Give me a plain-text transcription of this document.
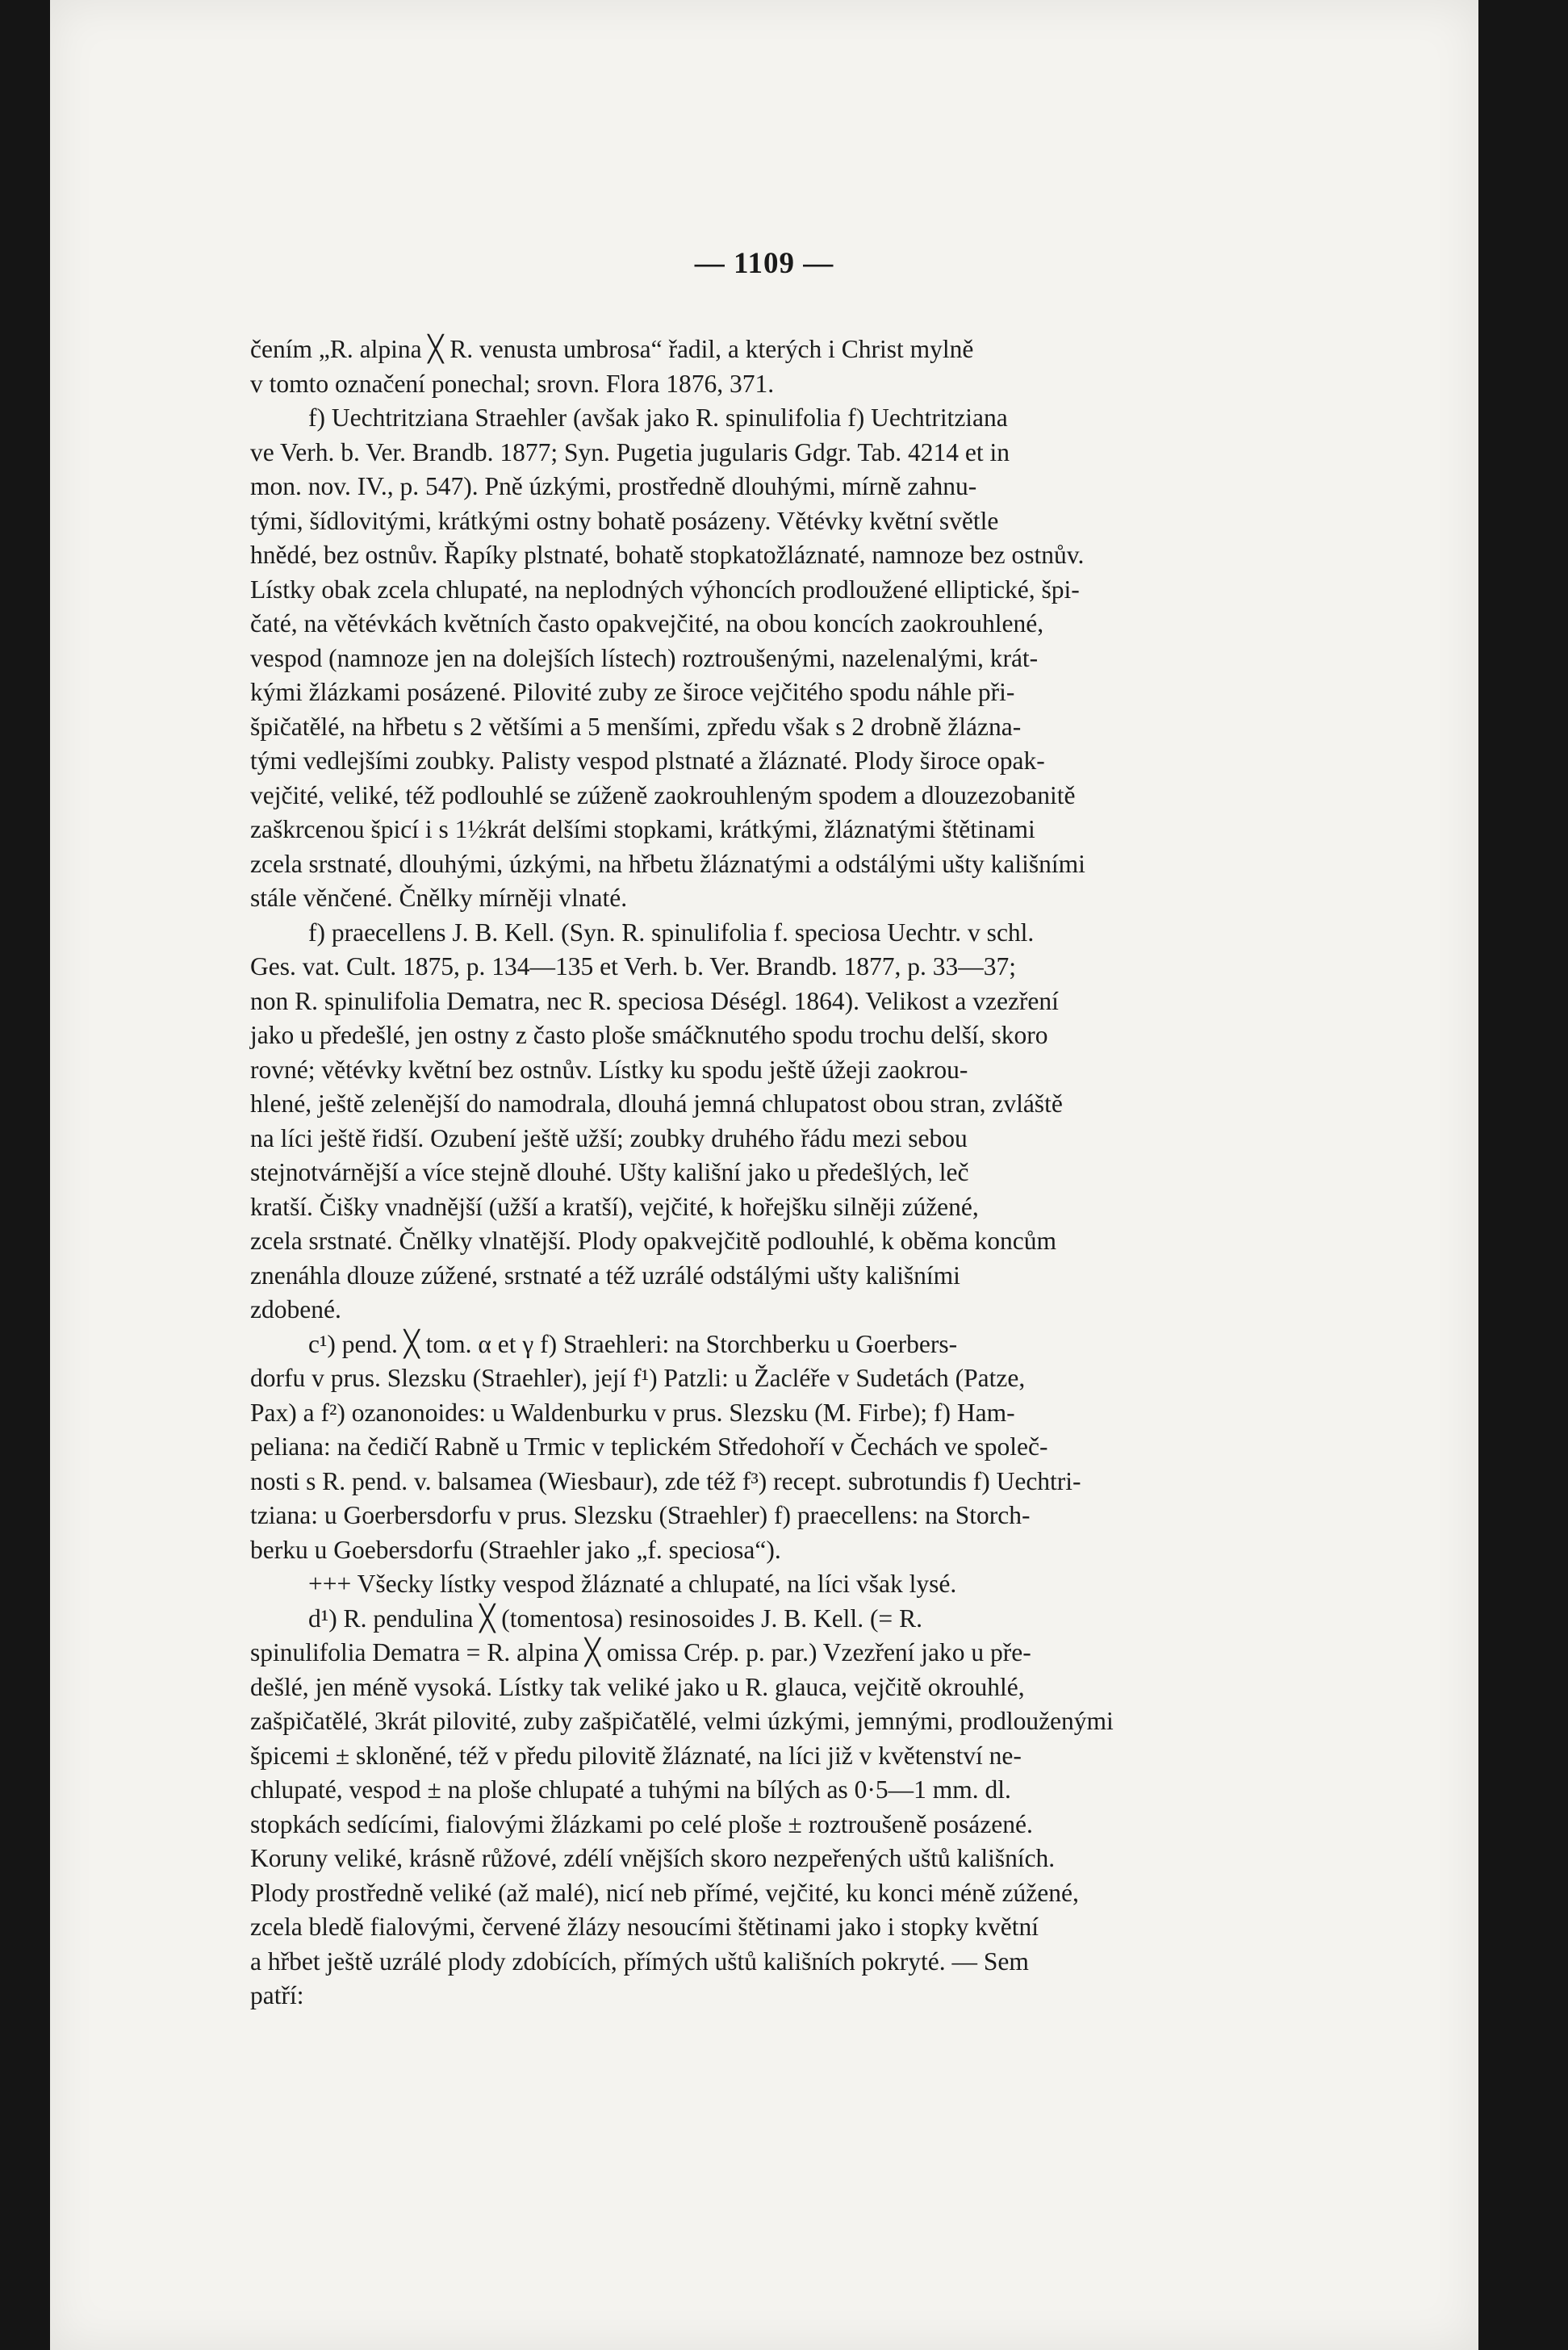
— 1109 —
čením „R. alpina ╳ R. venusta umbrosa“ řadil, a kterých i Christ mylně
v tomto označení ponechal; srovn. Flora 1876, 371.
f) Uechtritziana Straehler (avšak jako R. spinulifolia f) Uechtritziana
ve Verh. b. Ver. Brandb. 1877; Syn. Pugetia jugularis Gdgr. Tab. 4214 et in
mon. nov. IV., p. 547). Pně úzkými, prostředně dlouhými, mírně zahnu-
tými, šídlovitými, krátkými ostny bohatě posázeny. Větévky květní světle
hnědé, bez ostnův. Řapíky plstnaté, bohatě stopkatožláznaté, namnoze bez ostnův.
Lístky obak zcela chlupaté, na neplodných výhoncích prodloužené elliptické, špi-
čaté, na větévkách květních často opakvejčité, na obou koncích zaokrouhlené,
vespod (namnoze jen na dolejších lístech) roztroušenými, nazelenalými, krát-
kými žlázkami posázené. Pilovité zuby ze široce vejčitého spodu náhle při-
špičatělé, na hřbetu s 2 většími a 5 menšími, zpředu však s 2 drobně žlázna-
tými vedlejšími zoubky. Palisty vespod plstnaté a žláznaté. Plody široce opak-
vejčité, veliké, též podlouhlé se zúženě zaokrouhleným spodem a dlouzezobanitě
zaškrcenou špicí i s 1½krát delšími stopkami, krátkými, žláznatými štětinami
zcela srstnaté, dlouhými, úzkými, na hřbetu žláznatými a odstálými ušty kališními
stále věnčené. Čnělky mírněji vlnaté.
f) praecellens J. B. Kell. (Syn. R. spinulifolia f. speciosa Uechtr. v schl.
Ges. vat. Cult. 1875, p. 134—135 et Verh. b. Ver. Brandb. 1877, p. 33—37;
non R. spinulifolia Dematra, nec R. speciosa Déségl. 1864). Velikost a vzezření
jako u předešlé, jen ostny z často ploše smáčknutého spodu trochu delší, skoro
rovné; větévky květní bez ostnův. Lístky ku spodu ještě úžeji zaokrou-
hlené, ještě zelenější do namodrala, dlouhá jemná chlupatost obou stran, zvláště
na líci ještě řidší. Ozubení ještě užší; zoubky druhého řádu mezi sebou
stejnotvárnější a více stejně dlouhé. Ušty kališní jako u předešlých, leč
kratší. Čišky vnadnější (užší a kratší), vejčité, k hořejšku silněji zúžené,
zcela srstnaté. Čnělky vlnatější. Plody opakvejčitě podlouhlé, k oběma koncům
znenáhla dlouze zúžené, srstnaté a též uzrálé odstálými ušty kališními
zdobené.
c¹) pend. ╳ tom. α et γ f) Straehleri: na Storchberku u Goerbers-
dorfu v prus. Slezsku (Straehler), její f¹) Patzli: u Žacléře v Sudetách (Patze,
Pax) a f²) ozanonoides: u Waldenburku v prus. Slezsku (M. Firbe); f) Ham-
peliana: na čedičí Rabně u Trmic v teplickém Středohoří v Čechách ve společ-
nosti s R. pend. v. balsamea (Wiesbaur), zde též f³) recept. subrotundis f) Uechtri-
tziana: u Goerbersdorfu v prus. Slezsku (Straehler) f) praecellens: na Storch-
berku u Goebersdorfu (Straehler jako „f. speciosa“).
+++ Všecky lístky vespod žláznaté a chlupaté, na líci však lysé.
d¹) R. pendulina ╳ (tomentosa) resinosoides J. B. Kell. (= R.
spinulifolia Dematra = R. alpina ╳ omissa Crép. p. par.) Vzezření jako u pře-
dešlé, jen méně vysoká. Lístky tak veliké jako u R. glauca, vejčitě okrouhlé,
zašpičatělé, 3krát pilovité, zuby zašpičatělé, velmi úzkými, jemnými, prodlouženými
špicemi ± skloněné, též v předu pilovitě žláznaté, na líci již v květenství ne-
chlupaté, vespod ± na ploše chlupaté a tuhými na bílých as 0·5—1 mm. dl.
stopkách sedícími, fialovými žlázkami po celé ploše ± roztroušeně posázené.
Koruny veliké, krásně růžové, zdélí vnějších skoro nezpeřených uštů kališních.
Plody prostředně veliké (až malé), nicí neb přímé, vejčité, ku konci méně zúžené,
zcela bledě fialovými, červené žlázy nesoucími štětinami jako i stopky květní
a hřbet ještě uzrálé plody zdobících, přímých uštů kališních pokryté. — Sem
patří:
